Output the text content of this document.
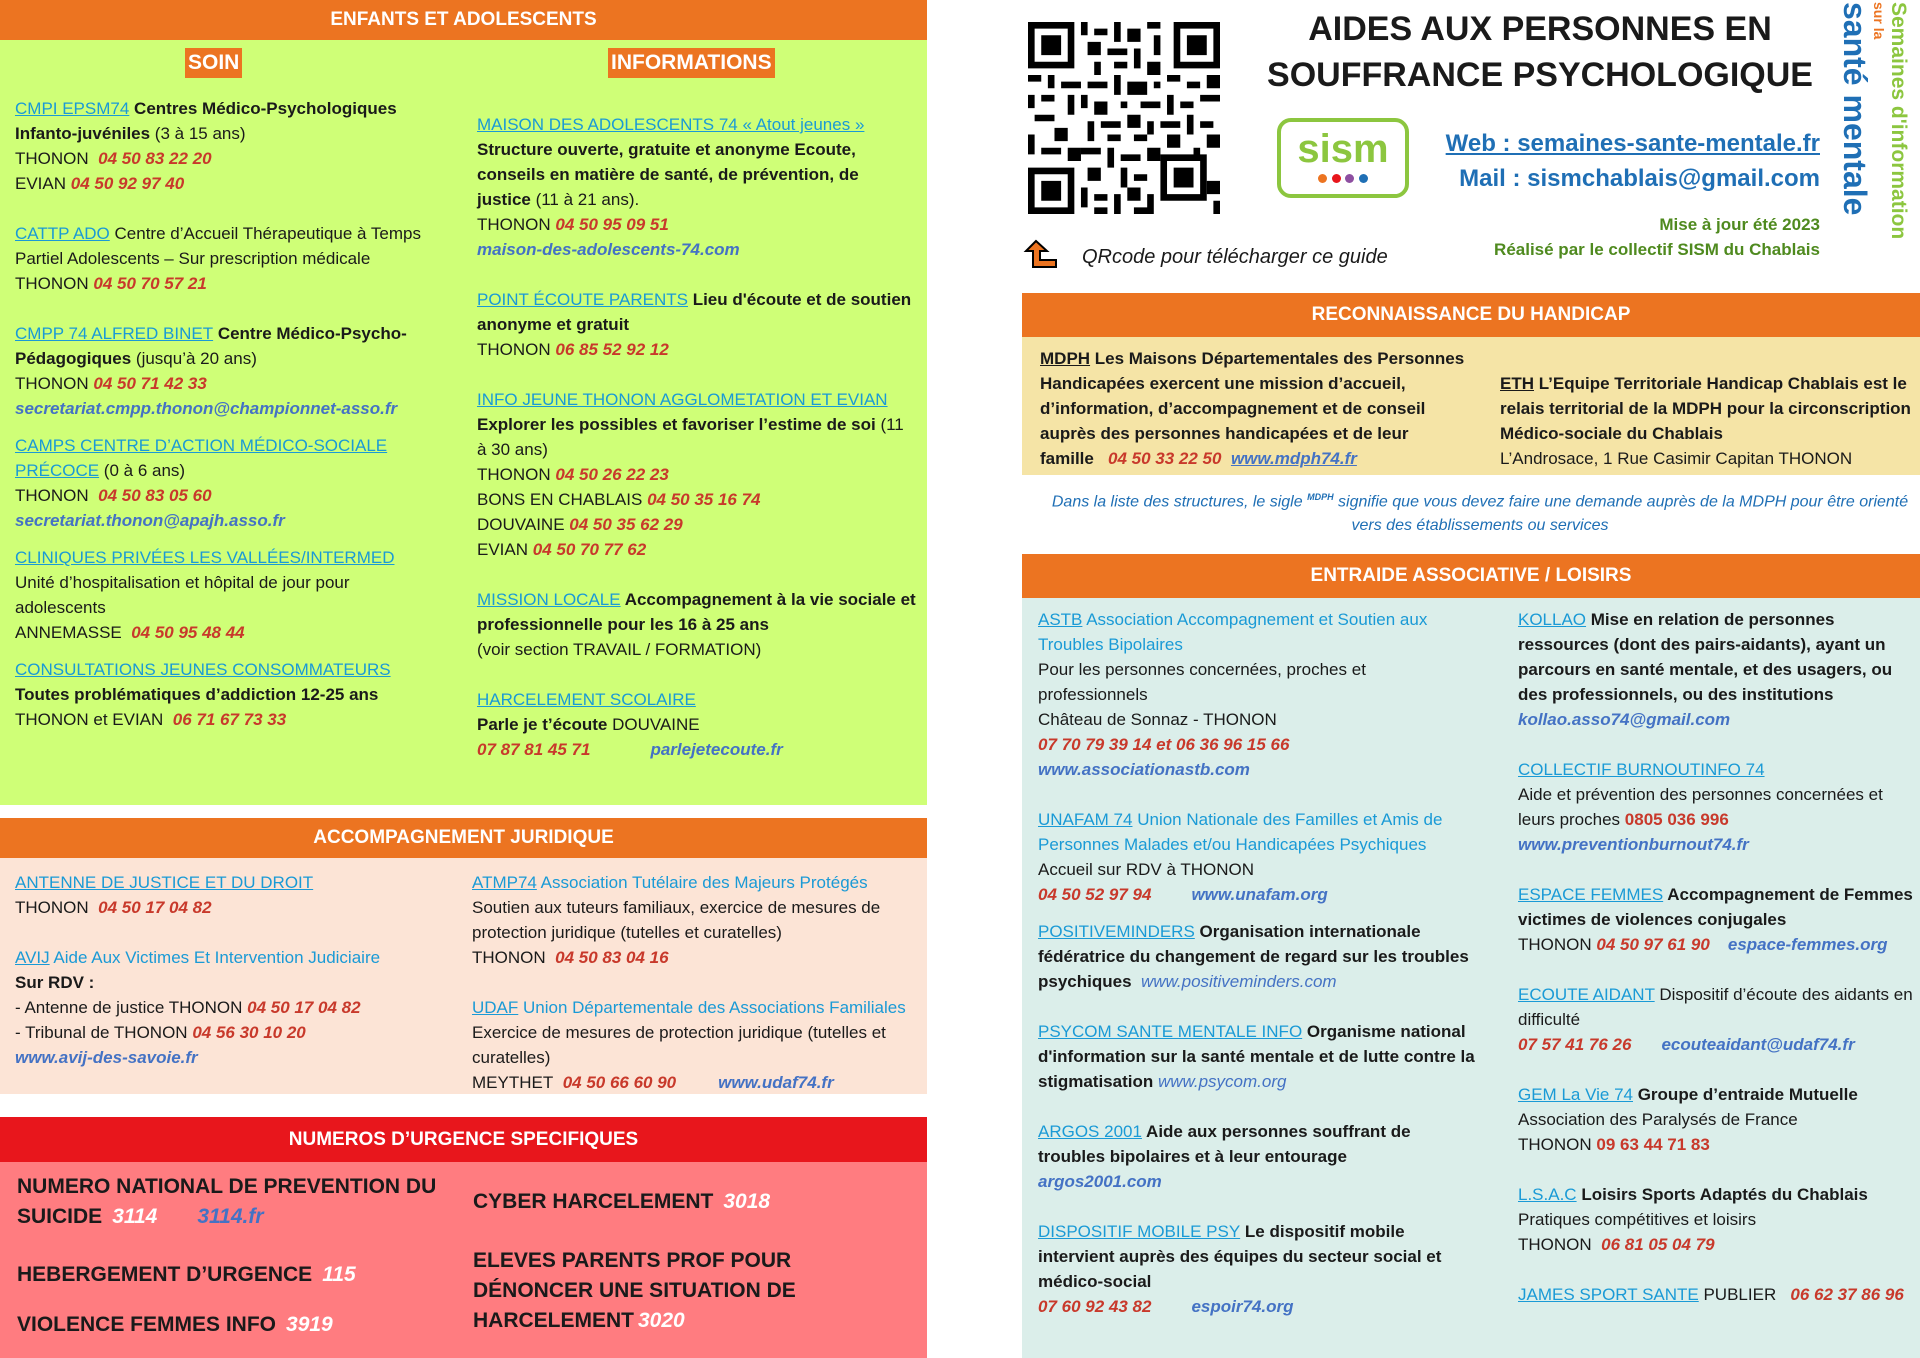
ENFANTS ET ADOLESCENTS
SOIN	INFORMATIONS
CMPI EPSM74 Centres Médico-Psychologiques Infanto-juvéniles (3 à 15 ans)
THONON 04 50 83 22 20
EVIAN 04 50 92 97 40
CATTP ADO Centre d’Accueil Thérapeutique à Temps Partiel Adolescents – Sur prescription médicale
THONON 04 50 70 57 21
CMPP 74 ALFRED BINET Centre Médico-Psycho-Pédagogiques (jusqu’à 20 ans)
THONON 04 50 71 42 33
secretariat.cmpp.thonon@championnet-asso.fr
CAMPS CENTRE D’ACTION MÉDICO-SOCIALE PRÉCOCE (0 à 6 ans)
THONON 04 50 83 05 60
secretariat.thonon@apajh.asso.fr
CLINIQUES PRIVÉES LES VALLÉES/INTERMED
Unité d’hospitalisation et hôpital de jour pour adolescents
ANNEMASSE 04 50 95 48 44
CONSULTATIONS JEUNES CONSOMMATEURS
Toutes problématiques d’addiction 12-25 ans
THONON et EVIAN 06 71 67 73 33
MAISON DES ADOLESCENTS 74 « Atout jeunes » Structure ouverte, gratuite et anonyme Ecoute, conseils en matière de santé, de prévention, de justice (11 à 21 ans).
THONON 04 50 95 09 51
maison-des-adolescents-74.com
POINT ÉCOUTE PARENTS Lieu d'écoute et de soutien anonyme et gratuit
THONON 06 85 52 92 12
INFO JEUNE THONON AGGLOMETATION ET EVIAN
Explorer les possibles et favoriser l’estime de soi (11 à 30 ans)
THONON 04 50 26 22 23
BONS EN CHABLAIS 04 50 35 16 74
DOUVAINE 04 50 35 62 29
EVIAN 04 50 70 77 62
MISSION LOCALE Accompagnement à la vie sociale et professionnelle pour les 16 à 25 ans
(voir section TRAVAIL / FORMATION)
HARCELEMENT SCOLAIRE
Parle je t’écoute DOUVAINE
07 87 81 45 71	parlejetecoute.fr
ACCOMPAGNEMENT JURIDIQUE
ANTENNE DE JUSTICE ET DU DROIT
THONON 04 50 17 04 82
AVIJ Aide Aux Victimes Et Intervention Judiciaire
Sur RDV :
- Antenne de justice THONON 04 50 17 04 82
- Tribunal de THONON 04 56 30 10 20
www.avij-des-savoie.fr
ATMP74 Association Tutélaire des Majeurs Protégés
Soutien aux tuteurs familiaux, exercice de mesures de protection juridique (tutelles et curatelles)
THONON 04 50 83 04 16
UDAF Union Départementale des Associations Familiales Exercice de mesures de protection juridique (tutelles et curatelles)
MEYTHET 04 50 66 60 90 www.udaf74.fr
NUMEROS D’URGENCE SPECIFIQUES
NUMERO NATIONAL DE PREVENTION DU SUICIDE 3114 3114.fr
HEBERGEMENT D’URGENCE 115
VIOLENCE FEMMES INFO 3919
CYBER HARCELEMENT 3018
ELEVES PARENTS PROF POUR DÉNONCER UNE SITUATION DE HARCELEMENT 3020
AIDES AUX PERSONNES EN
SOUFFRANCE PSYCHOLOGIQUE
sism
	Web : semaines-sante-mentale.fr
Mail : sismchablais@gmail.com
Mise à jour été 2023
Réalisé par le collectif SISM du Chablais
Semaines d'information
sur la
santé mentale
QRcode pour télécharger ce guide
RECONNAISSANCE DU HANDICAP
MDPH Les Maisons Départementales des Personnes Handicapées exercent une mission d’accueil, d’information, d’accompagnement et de conseil auprès des personnes handicapées et de leur famille 04 50 33 22 50 www.mdph74.fr
ETH L’Equipe Territoriale Handicap Chablais est le relais territorial de la MDPH pour la circonscription Médico-sociale du Chablais
L’Androsace, 1 Rue Casimir Capitan THONON
Dans la liste des structures, le sigle $^{MDPH}$ signifie que vous devez faire une demande auprès de la MDPH pour être orienté vers des établissements ou services
ENTRAIDE ASSOCIATIVE / LOISIRS
ASTB Association Accompagnement et Soutien aux Troubles Bipolaires
Pour les personnes concernées, proches et professionnels
Château de Sonnaz - THONON
07 70 79 39 14 et 06 36 96 15 66
www.associationastb.com
UNAFAM 74 Union Nationale des Familles et Amis de Personnes Malades et/ou Handicapées Psychiques
Accueil sur RDV à THONON
04 50 52 97 94 www.unafam.org
POSITIVEMINDERS Organisation internationale fédératrice du changement de regard sur les troubles psychiques www.positiveminders.com
PSYCOM SANTE MENTALE INFO Organisme national d'information sur la santé mentale et de lutte contre la stigmatisation www.psycom.org
ARGOS 2001 Aide aux personnes souffrant de troubles bipolaires et à leur entourage
argos2001.com
DISPOSITIF MOBILE PSY Le dispositif mobile intervient auprès des équipes du secteur social et médico-social
07 60 92 43 82 espoir74.org
KOLLAO Mise en relation de personnes ressources (dont des pairs-aidants), ayant un parcours en santé mentale, et des usagers, ou des professionnels, ou des institutions
kollao.asso74@gmail.com
COLLECTIF BURNOUTINFO 74
Aide et prévention des personnes concernées et leurs proches 0805 036 996
www.preventionburnout74.fr
ESPACE FEMMES Accompagnement de Femmes victimes de violences conjugales
THONON 04 50 97 61 90 espace-femmes.org
ECOUTE AIDANT Dispositif d’écoute des aidants en difficulté
07 57 41 76 26 ecouteaidant@udaf74.fr
GEM La Vie 74 Groupe d’entraide Mutuelle
Association des Paralysés de France
THONON 09 63 44 71 83
L.S.A.C Loisirs Sports Adaptés du Chablais
Pratiques compétitives et loisirs
THONON 06 81 05 04 79
JAMES SPORT SANTE PUBLIER 06 62 37 86 96
